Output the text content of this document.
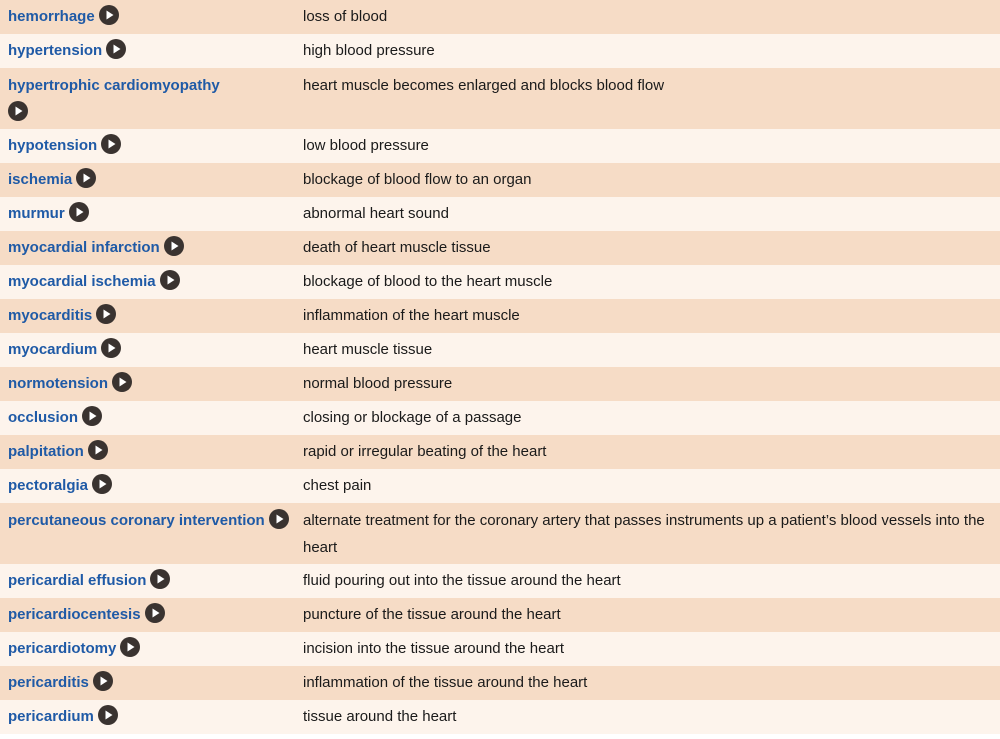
hemorrhage	loss of blood
hypertension	high blood pressure
hypertrophic cardiomyopathy	heart muscle becomes enlarged and blocks blood flow
hypotension	low blood pressure
ischemia	blockage of blood flow to an organ
murmur	abnormal heart sound
myocardial infarction	death of heart muscle tissue
myocardial ischemia	blockage of blood to the heart muscle
myocarditis	inflammation of the heart muscle
myocardium	heart muscle tissue
normotension	normal blood pressure
occlusion	closing or blockage of a passage
palpitation	rapid or irregular beating of the heart
pectoralgia	chest pain
percutaneous coronary intervention	alternate treatment for the coronary artery that passes instruments up a patient’s blood vessels into the heart
pericardial effusion	fluid pouring out into the tissue around the heart
pericardiocentesis	puncture of the tissue around the heart
pericardiotomy	incision into the tissue around the heart
pericarditis	inflammation of the tissue around the heart
pericardium	tissue around the heart
